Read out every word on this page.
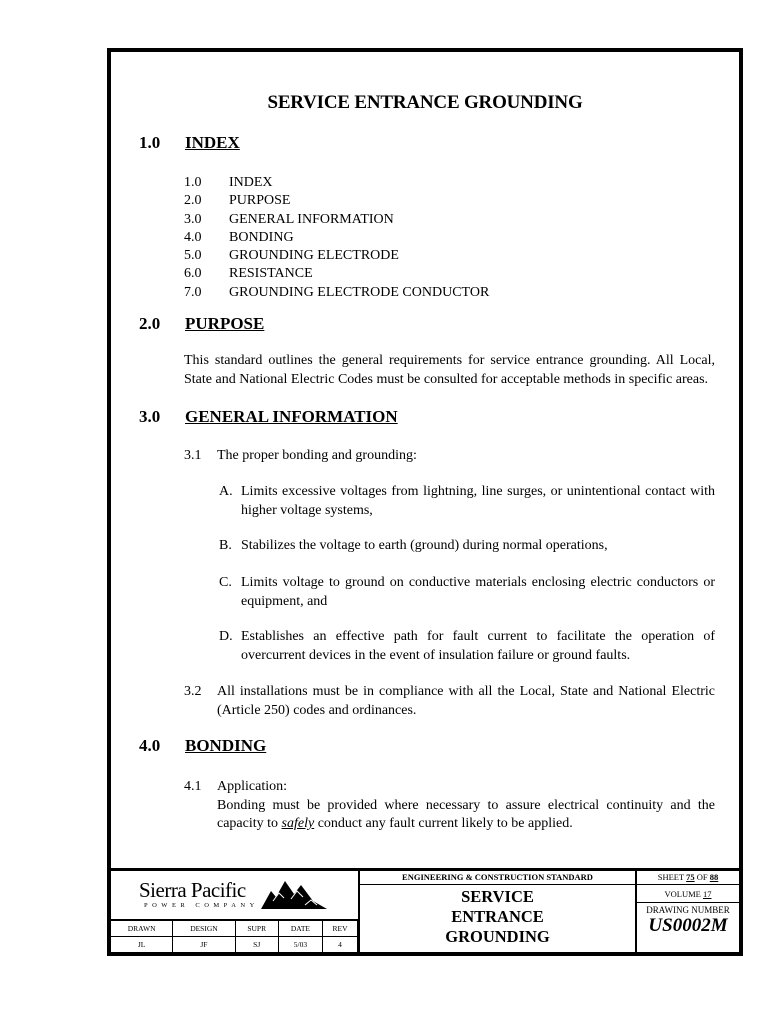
SERVICE ENTRANCE GROUNDING
1.0 INDEX
1.0	INDEX
2.0	PURPOSE
3.0	GENERAL INFORMATION
4.0	BONDING
5.0	GROUNDING ELECTRODE
6.0	RESISTANCE
7.0	GROUNDING ELECTRODE CONDUCTOR
2.0 PURPOSE
This standard outlines the general requirements for service entrance grounding. All Local, State and National Electric Codes must be consulted for acceptable methods in specific areas.
3.0 GENERAL INFORMATION
3.1 The proper bonding and grounding:
A. Limits excessive voltages from lightning, line surges, or unintentional contact with higher voltage systems,
B. Stabilizes the voltage to earth (ground) during normal operations,
C. Limits voltage to ground on conductive materials enclosing electric conductors or equipment, and
D. Establishes an effective path for fault current to facilitate the operation of overcurrent devices in the event of insulation failure or ground faults.
3.2 All installations must be in compliance with all the Local, State and National Electric (Article 250) codes and ordinances.
4.0 BONDING
4.1 Application:
Bonding must be provided where necessary to assure electrical continuity and the capacity to safely conduct any fault current likely to be applied.
Sierra Pacific
POWER COMPANY
DRAWN	DESIGN	SUPR	DATE	REV
JL	JF	SJ	5/03	4
ENGINEERING & CONSTRUCTION STANDARD
SERVICE
ENTRANCE
GROUNDING
SHEET 75 OF 88
VOLUME 17
DRAWING NUMBER
US0002M
